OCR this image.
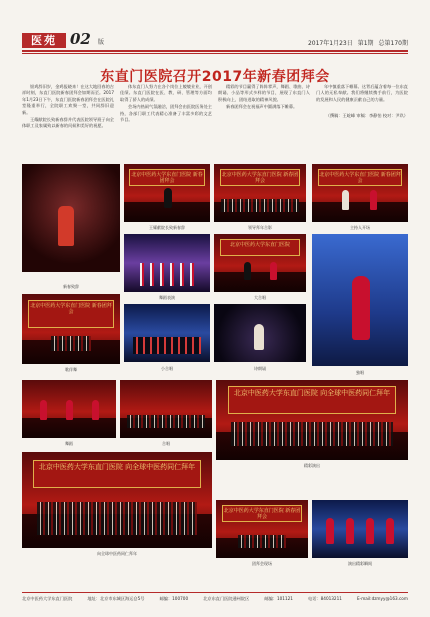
医苑 02 版	2017年1月23日 第1期 总第170期
东直门医院召开2017年新春团拜会

银鸡辞旧岁，金鸡报晓来！在这大地回春的吉祥时刻，东直门医院新春团拜会如期而至。2017年1月23日下午，东直门医院新春团拜会在医院礼堂隆重举行，全院职工欢聚一堂，共同辞旧迎新。

王耀献院长致新春辞并代表医院领导班子向全体职工及家属致以新春的问候和美好的祝愿。

体东直门人努力在各个岗位上兢兢业业，开创佳绩。东直门医院在医、教、研、管理等方面均取得了骄人的成绩。

会场内热闹气氛融洽，团拜会由医院医务处主持，各部门职工代表精心准备了丰富多彩的文艺节目。

精彩的节目赢得了阵阵掌声，舞蹈、歌曲、诗朗诵、小品等形式多样的节目，展现了东直门人积极向上、团结进取的精神风貌。

新春团拜会在祝福声中圆满落下帷幕。

年中慎重落下帷幕。这背后蕴含着每一位东直门人的无私奉献。我们将继续携手前行，为医院的发展和人民的健康贡献自己的力量。

（撰稿：王屹峰 审稿：李静怡 校对：尹玖）
新春致辞
北京中医药大学东直门医院 新春团拜会
王耀献院长致新春辞
北京中医药大学东直门医院 新春团拜会
领导拜年合影
北京中医药大学东直门医院 新春团拜会
主持人开场
舞蹈表演
北京中医药大学东直门医院
大合唱
独唱
北京中医药大学东直门医院 新春团拜会
歌伴舞	小合唱	诗朗诵
舞蹈	合唱
北京中医药大学东直门医院 向全球中医药同仁拜年
精彩演出
北京中医药大学东直门医院 向全球中医药同仁拜年
向全球中医药同仁拜年
北京中医药大学东直门医院 新春团拜会
团拜会现场	演出精彩瞬间
北京中医药大学东直门医院	地址：北京市东城区海运仓5号	邮编：100700	北京东直门医院通州院区	邮编：101121	电话：84013211	E-mail:dzmyy@163.com
